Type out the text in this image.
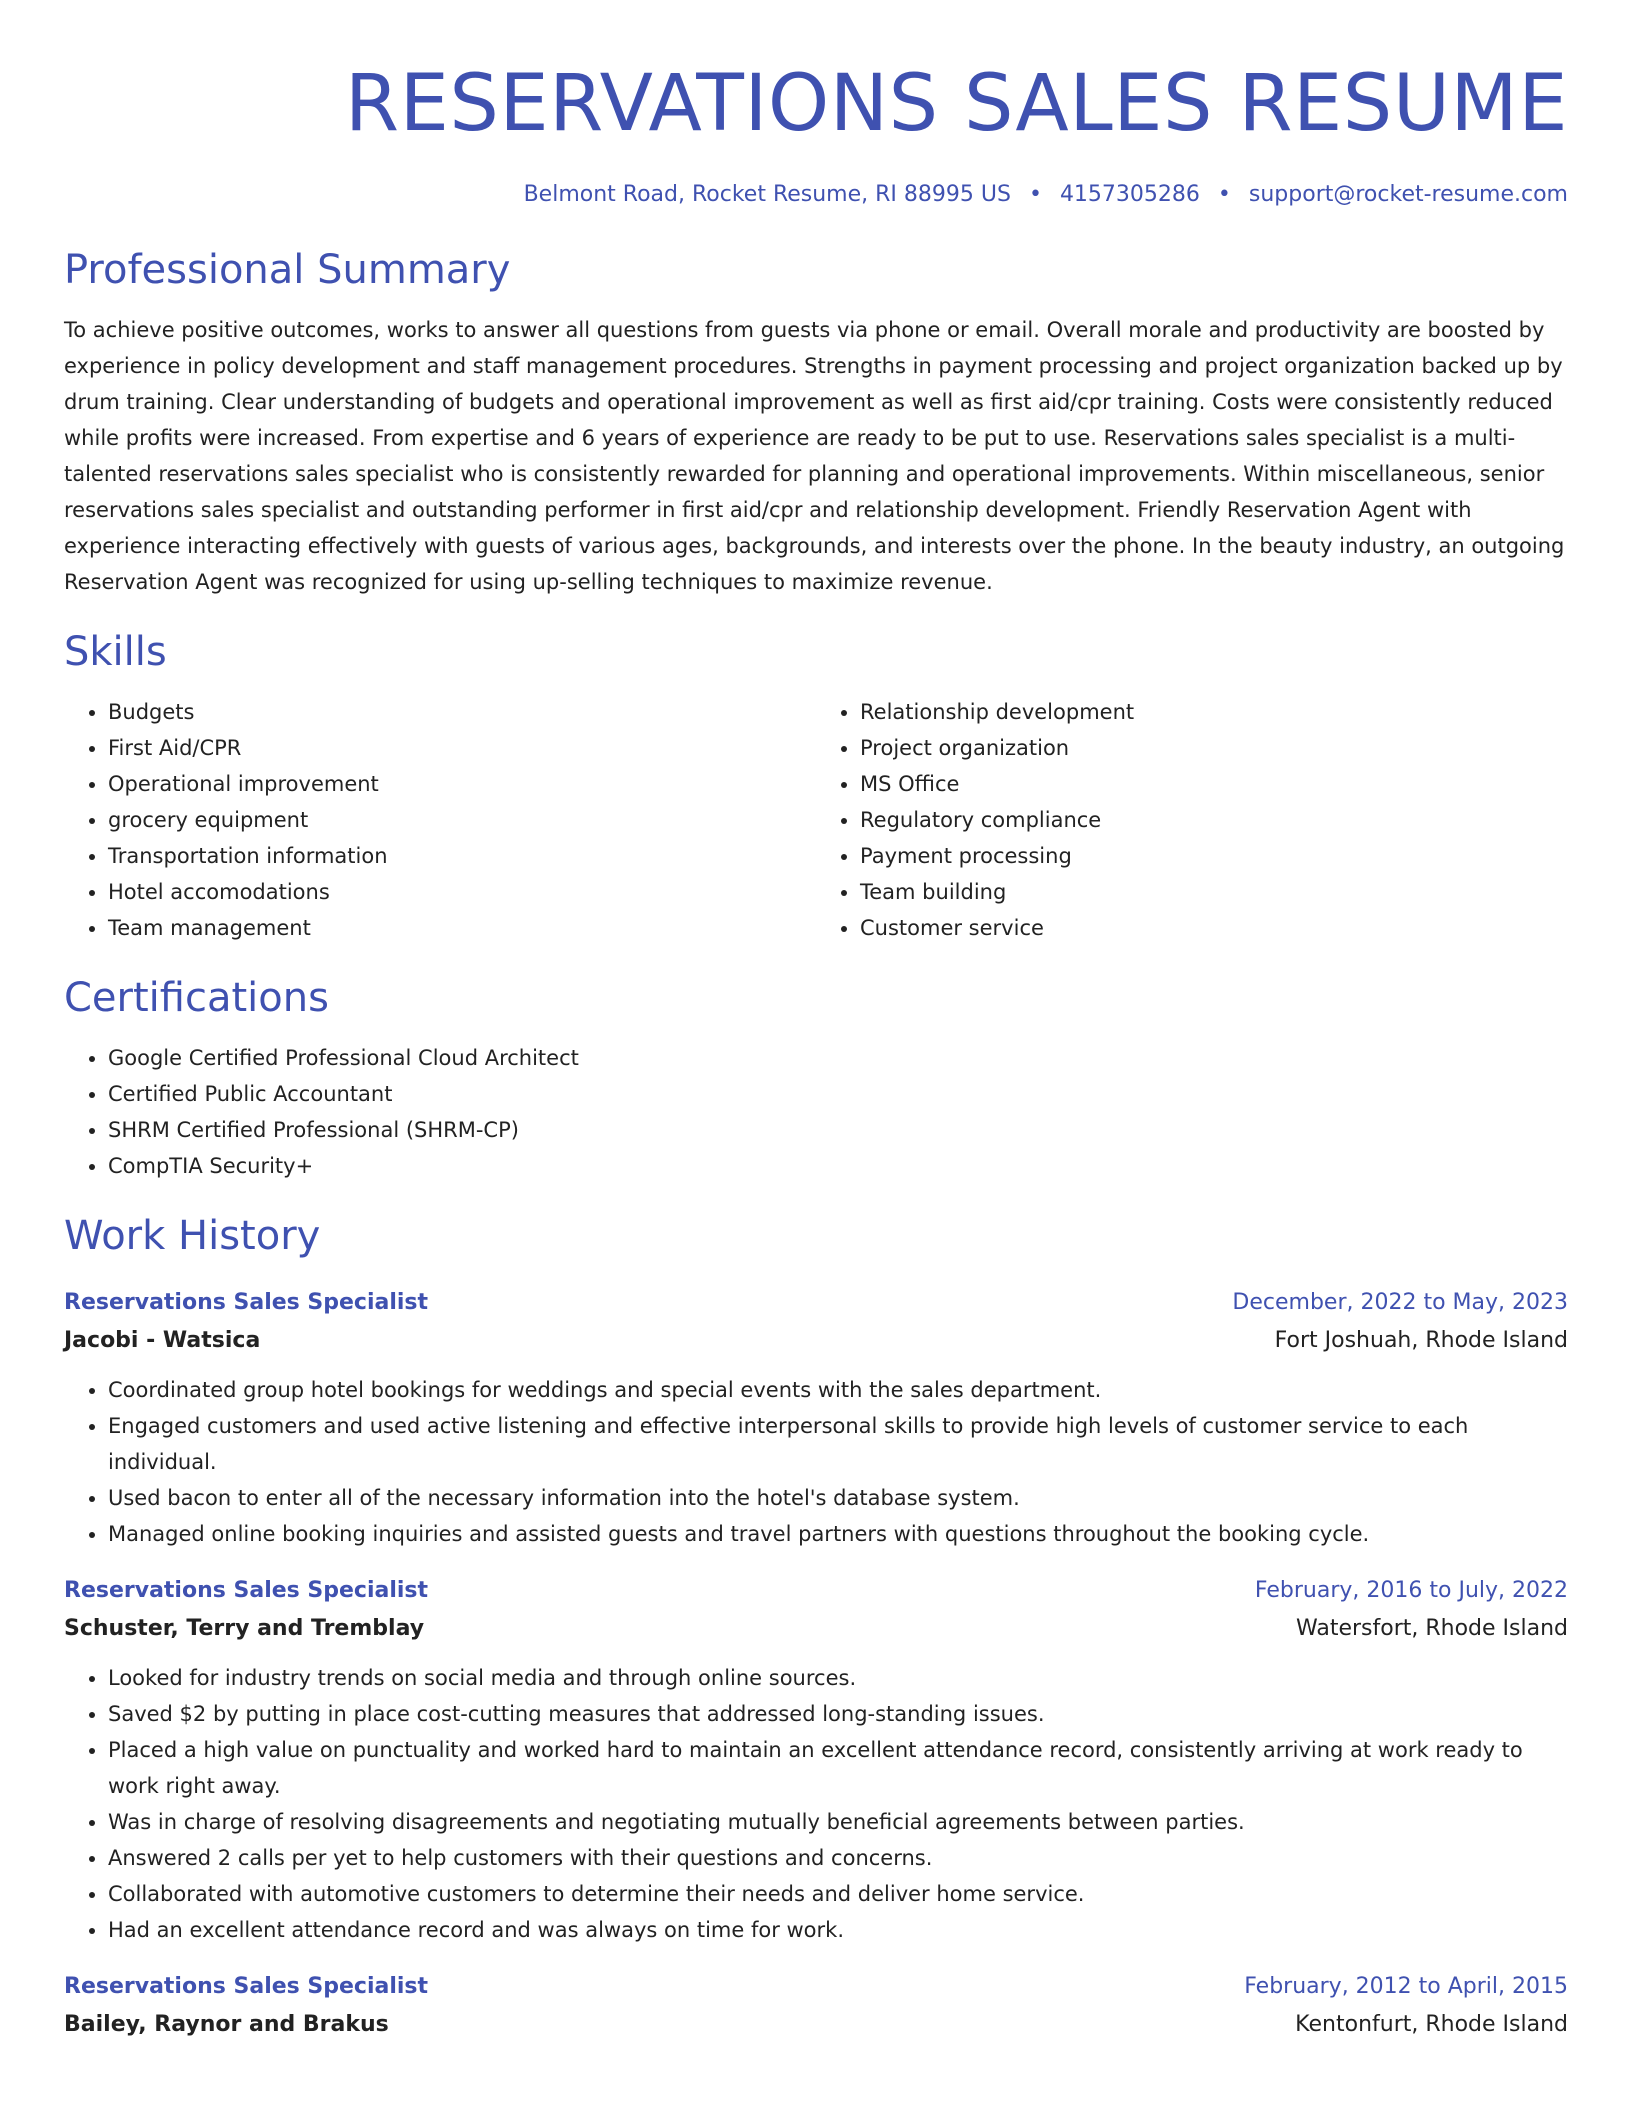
RESERVATIONS SALES RESUME
Belmont Road, Rocket Resume, RI 88995 US • 4157305286 • support@rocket-resume.com
Professional Summary

To achieve positive outcomes, works to answer all questions from guests via phone or email. Overall morale and productivity are boosted by experience in policy development and staff management procedures. Strengths in payment processing and project organization backed up by drum training. Clear understanding of budgets and operational improvement as well as first aid/cpr training. Costs were consistently reduced while profits were increased. From expertise and 6 years of experience are ready to be put to use. Reservations sales specialist is a multi-talented reservations sales specialist who is consistently rewarded for planning and operational improvements. Within miscellaneous, senior reservations sales specialist and outstanding performer in first aid/cpr and relationship development. Friendly Reservation Agent with experience interacting effectively with guests of various ages, backgrounds, and interests over the phone. In the beauty industry, an outgoing Reservation Agent was recognized for using up-selling techniques to maximize revenue.

Skills
• Budgets
• First Aid/CPR
• Operational improvement
• grocery equipment
• Transportation information
• Hotel accomodations
• Team management
• Relationship development
• Project organization
• MS Office
• Regulatory compliance
• Payment processing
• Team building
• Customer service
Certifications
• Google Certified Professional Cloud Architect
• Certified Public Accountant
• SHRM Certified Professional (SHRM-CP)
• CompTIA Security+
Work History
Reservations Sales Specialist	December, 2022 to May, 2023
Jacobi - Watsica	Fort Joshuah, Rhode Island
• Coordinated group hotel bookings for weddings and special events with the sales department.
• Engaged customers and used active listening and effective interpersonal skills to provide high levels of customer service to each individual.
• Used bacon to enter all of the necessary information into the hotel's database system.
• Managed online booking inquiries and assisted guests and travel partners with questions throughout the booking cycle.
Reservations Sales Specialist	February, 2016 to July, 2022
Schuster, Terry and Tremblay	Watersfort, Rhode Island
• Looked for industry trends on social media and through online sources.
• Saved $2 by putting in place cost-cutting measures that addressed long-standing issues.
• Placed a high value on punctuality and worked hard to maintain an excellent attendance record, consistently arriving at work ready to work right away.
• Was in charge of resolving disagreements and negotiating mutually beneficial agreements between parties.
• Answered 2 calls per yet to help customers with their questions and concerns.
• Collaborated with automotive customers to determine their needs and deliver home service.
• Had an excellent attendance record and was always on time for work.
Reservations Sales Specialist	February, 2012 to April, 2015
Bailey, Raynor and Brakus	Kentonfurt, Rhode Island
